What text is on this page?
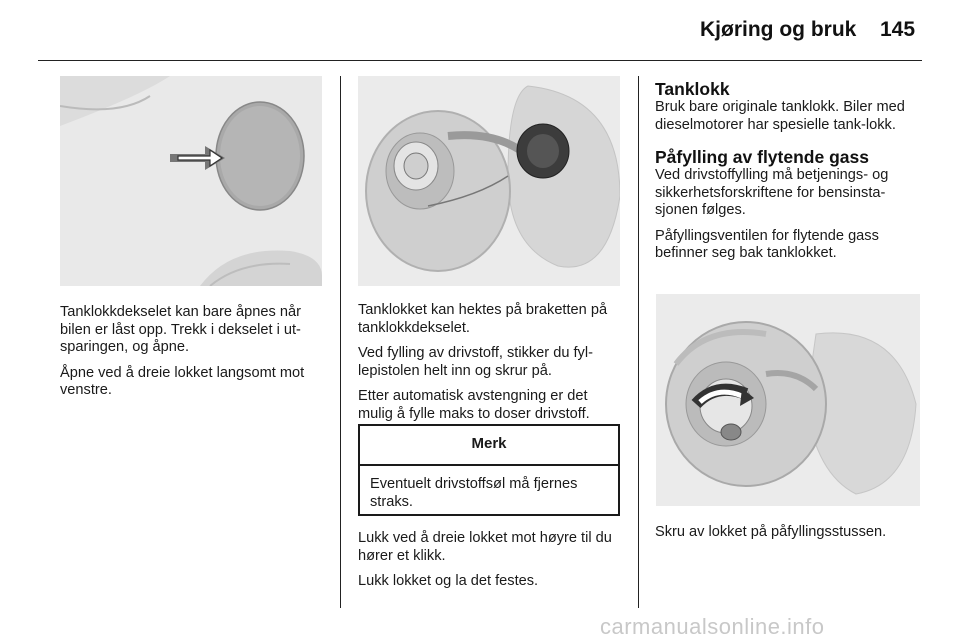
Kjøring og bruk 145

Tanklokkdekselet kan bare åpnes når bilen er låst opp. Trekk i dekselet i ut-sparingen, og åpne.

Åpne ved å dreie lokket langsomt mot venstre.

Tanklokket kan hektes på braketten på tanklokkdekselet.

Ved fylling av drivstoff, stikker du fyl-lepistolen helt inn og skrur på.

Etter automatisk avstengning er det mulig å fylle maks to doser drivstoff.

Merk
Eventuelt drivstoffsøl må fjernes straks.

Lukk ved å dreie lokket mot høyre til du hører et klikk.

Lukk lokket og la det festes.

Tanklokk

Bruk bare originale tanklokk. Biler med dieselmotorer har spesielle tank-lokk.

Påfylling av flytende gass

Ved drivstoffylling må betjenings- og sikkerhetsforskriftene for bensinsta-sjonen følges.

Påfyllingsventilen for flytende gass befinner seg bak tanklokket.

Skru av lokket på påfyllingsstussen.

carmanualsonline.info
